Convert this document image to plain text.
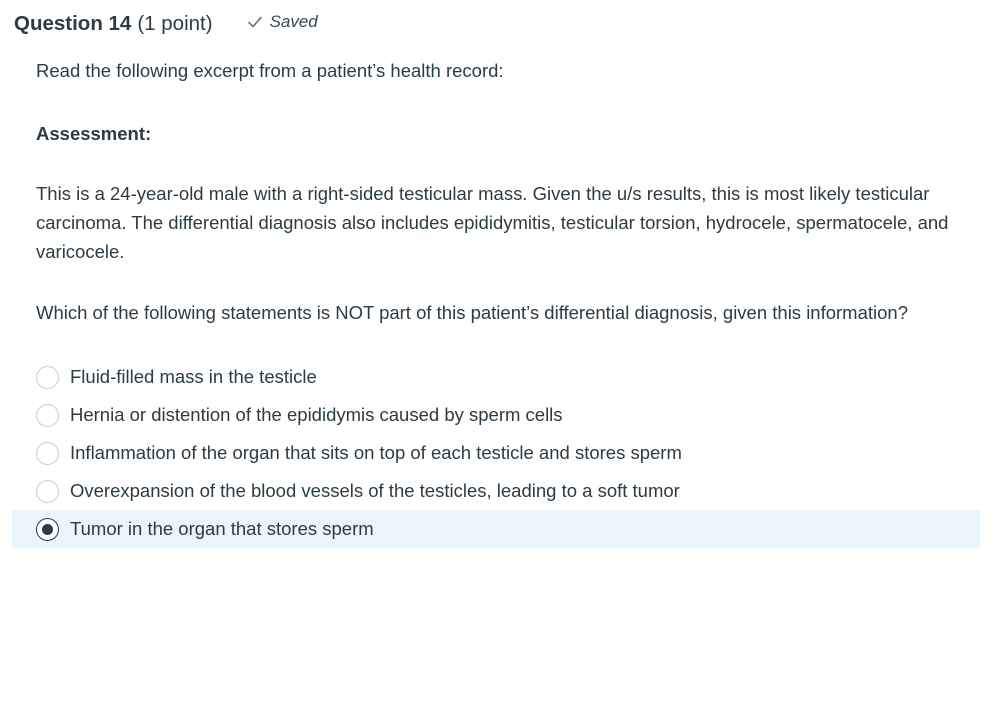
Question 14 (1 point)	Saved

Read the following excerpt from a patient’s health record:

Assessment:

This is a 24-year-old male with a right-sided testicular mass. Given the u/s results, this is most likely testicular carcinoma. The differential diagnosis also includes epididymitis, testicular torsion, hydrocele, spermatocele, and varicocele.

Which of the following statements is NOT part of this patient’s differential diagnosis, given this information?

Fluid-filled mass in the testicle
Hernia or distention of the epididymis caused by sperm cells
Inflammation of the organ that sits on top of each testicle and stores sperm
Overexpansion of the blood vessels of the testicles, leading to a soft tumor
Tumor in the organ that stores sperm
